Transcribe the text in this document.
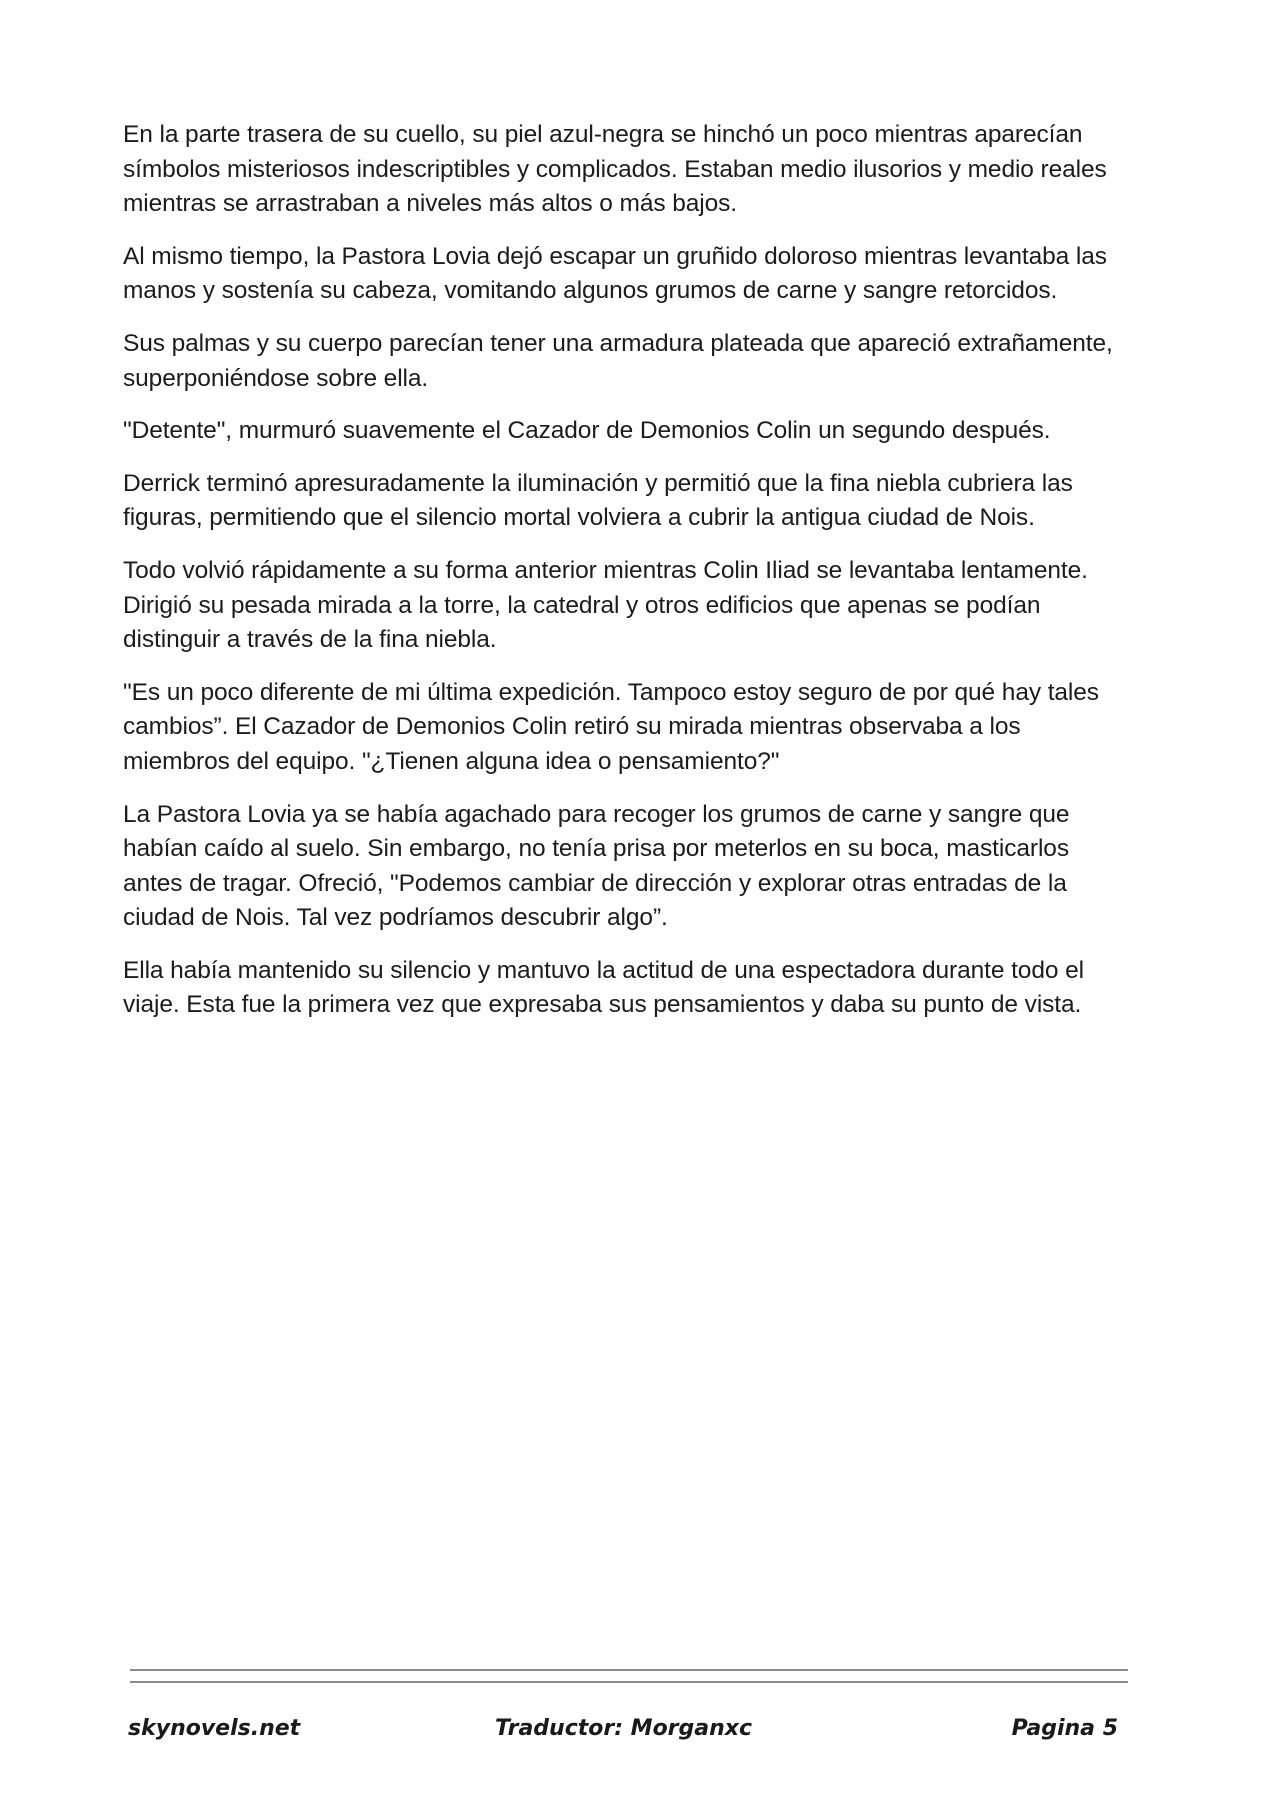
En la parte trasera de su cuello, su piel azul-negra se hinchó un poco mientras aparecían símbolos misteriosos indescriptibles y complicados. Estaban medio ilusorios y medio reales mientras se arrastraban a niveles más altos o más bajos.

Al mismo tiempo, la Pastora Lovia dejó escapar un gruñido doloroso mientras levantaba las manos y sostenía su cabeza, vomitando algunos grumos de carne y sangre retorcidos.

Sus palmas y su cuerpo parecían tener una armadura plateada que apareció extrañamente, superponiéndose sobre ella.

"Detente", murmuró suavemente el Cazador de Demonios Colin un segundo después.

Derrick terminó apresuradamente la iluminación y permitió que la fina niebla cubriera las figuras, permitiendo que el silencio mortal volviera a cubrir la antigua ciudad de Nois.

Todo volvió rápidamente a su forma anterior mientras Colin Iliad se levantaba lentamente. Dirigió su pesada mirada a la torre, la catedral y otros edificios que apenas se podían distinguir a través de la fina niebla.

"Es un poco diferente de mi última expedición. Tampoco estoy seguro de por qué hay tales cambios”. El Cazador de Demonios Colin retiró su mirada mientras observaba a los miembros del equipo. "¿Tienen alguna idea o pensamiento?"

La Pastora Lovia ya se había agachado para recoger los grumos de carne y sangre que habían caído al suelo. Sin embargo, no tenía prisa por meterlos en su boca, masticarlos antes de tragar. Ofreció, "Podemos cambiar de dirección y explorar otras entradas de la ciudad de Nois. Tal vez podríamos descubrir algo”.

Ella había mantenido su silencio y mantuvo la actitud de una espectadora durante todo el viaje. Esta fue la primera vez que expresaba sus pensamientos y daba su punto de vista.

skynovels.net	Traductor: Morganxc	Pagina 5
